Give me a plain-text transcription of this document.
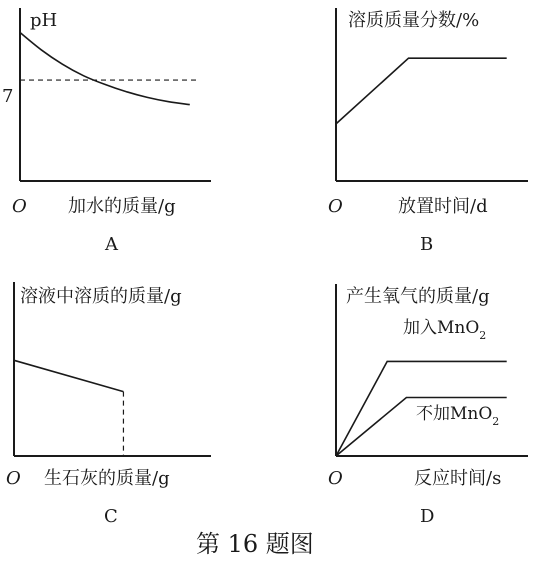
pH
7
O 加水的质量/g
A
溶质质量分数/%
O	放置时间/d
B
溶液中溶质的质量/g
O 生石灰的质量/g
C
产生氧气的质量/g
加入MnO$_2$
不加MnO$_2$
O	反应时间/s
D
第 16 题图
